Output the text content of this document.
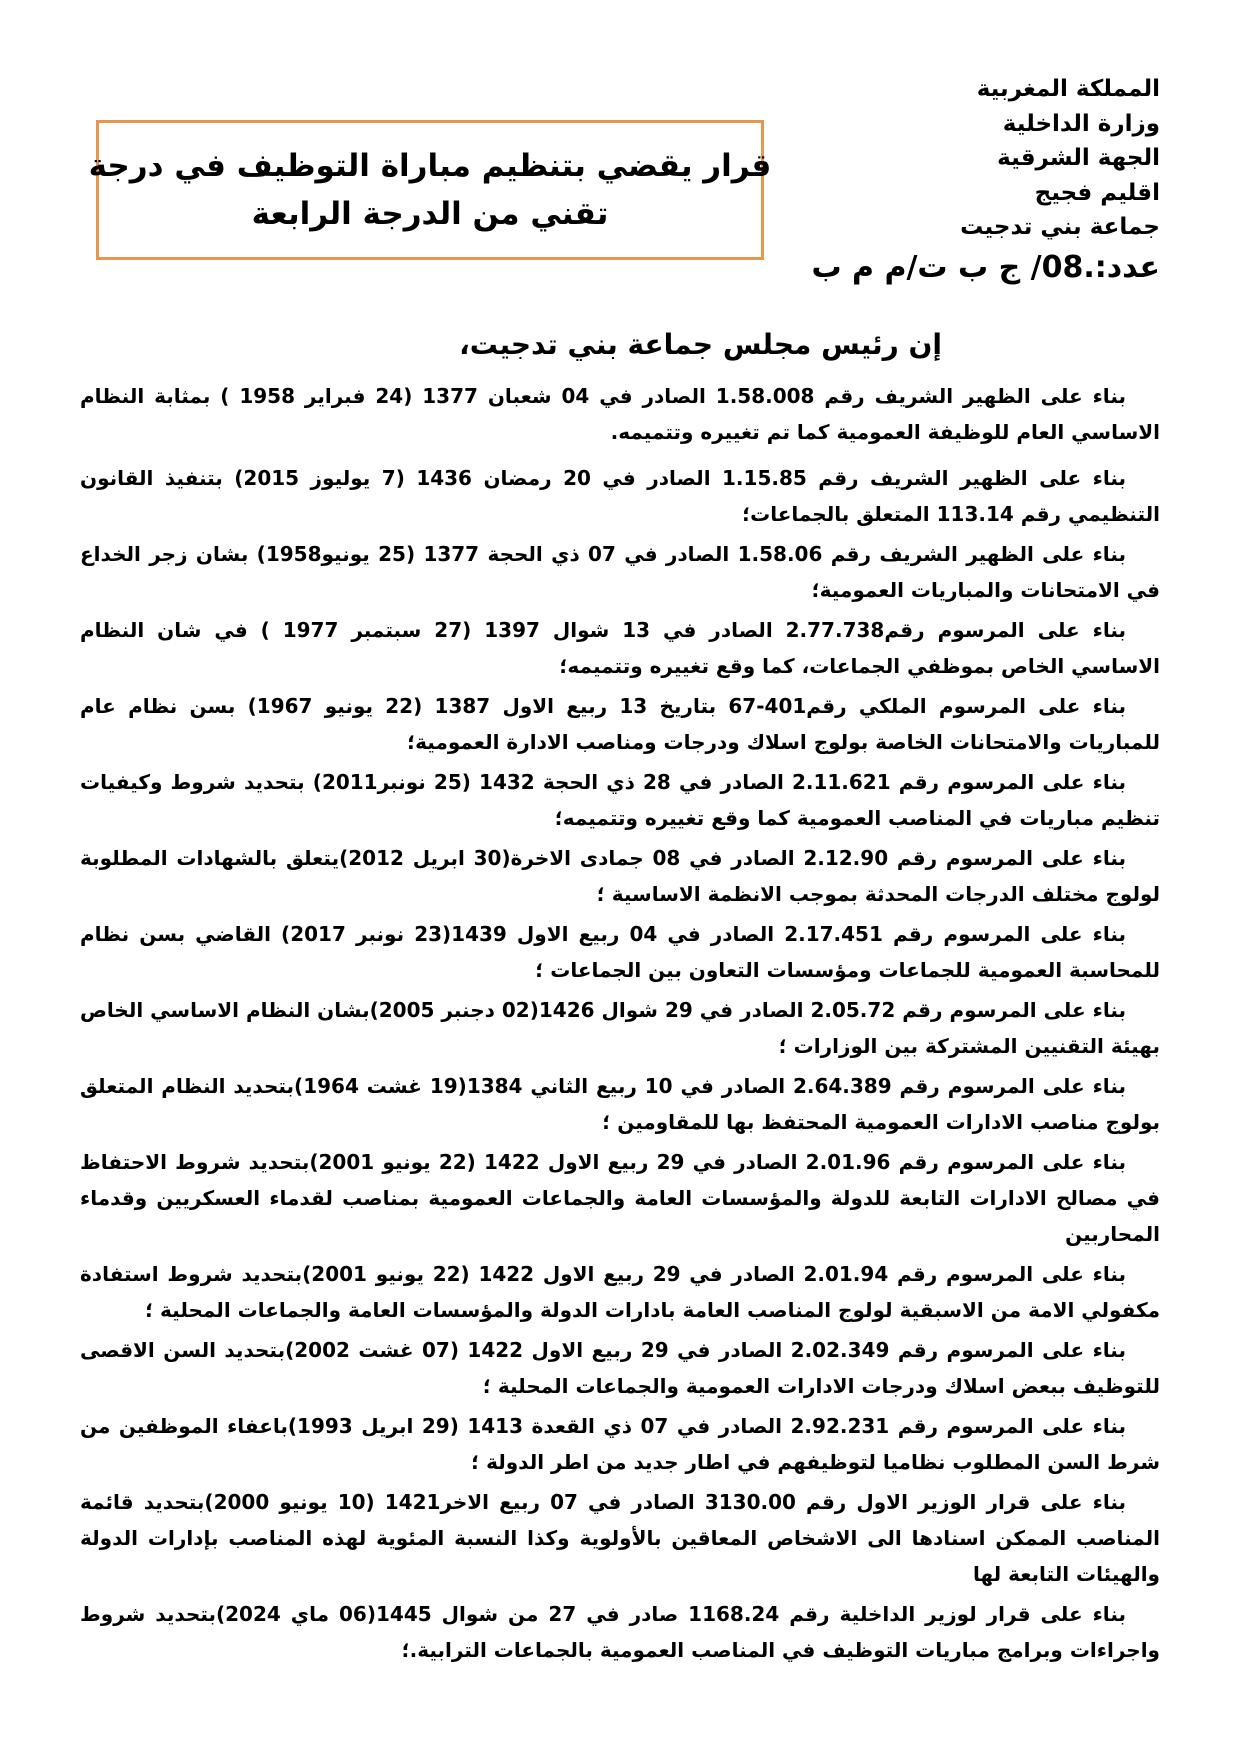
المملكة المغربية
وزارة الداخلية
الجهة الشرقية
اقليم فجيج
جماعة بني تدجيت
عدد:.08/ ج ب ت/م م ب
قرار يقضي بتنظيم مباراة التوظيف في درجة
تقني من الدرجة الرابعة
إن رئيس مجلس جماعة بني تدجيت،

بناء على الظهير الشريف رقم 1.58.008 الصادر في 04 شعبان 1377 (24 فبراير 1958 ) بمثابة النظام الاساسي العام للوظيفة العمومية كما تم تغييره وتتميمه.

بناء على الظهير الشريف رقم 1.15.85 الصادر في 20 رمضان 1436 (7 يوليوز 2015) بتنفيذ القانون التنظيمي رقم 113.14 المتعلق بالجماعات؛

بناء على الظهير الشريف رقم 1.58.06 الصادر في 07 ذي الحجة 1377 (25 يونيو1958) بشان زجر الخداع في الامتحانات والمباريات العمومية؛

بناء على المرسوم رقم2.77.738 الصادر في 13 شوال 1397 (27 سبتمبر 1977 ) في شان النظام الاساسي الخاص بموظفي الجماعات، كما وقع تغييره وتتميمه؛

بناء على المرسوم الملكي رقم401-67 بتاريخ 13 ربيع الاول 1387 (22 يونيو 1967) بسن نظام عام للمباريات والامتحانات الخاصة بولوج اسلاك ودرجات ومناصب الادارة العمومية؛

بناء على المرسوم رقم 2.11.621 الصادر في 28 ذي الحجة 1432 (25 نونبر2011) بتحديد شروط وكيفيات تنظيم مباريات في المناصب العمومية كما وقع تغييره وتتميمه؛

بناء على المرسوم رقم 2.12.90 الصادر في 08 جمادى الاخرة(30 ابريل 2012)يتعلق بالشهادات المطلوبة لولوج مختلف الدرجات المحدثة بموجب الانظمة الاساسية ؛

بناء على المرسوم رقم 2.17.451 الصادر في 04 ربيع الاول 1439(23 نونبر 2017) القاضي بسن نظام للمحاسبة العمومية للجماعات ومؤسسات التعاون بين الجماعات ؛

بناء على المرسوم رقم 2.05.72 الصادر في 29 شوال 1426(02 دجنبر 2005)بشان النظام الاساسي الخاص بهيئة التقنيين المشتركة بين الوزارات ؛

بناء على المرسوم رقم 2.64.389 الصادر في 10 ربيع الثاني 1384(19 غشت 1964)بتحديد النظام المتعلق بولوج مناصب الادارات العمومية المحتفظ بها للمقاومين ؛

بناء على المرسوم رقم 2.01.96 الصادر في 29 ربيع الاول 1422 (22 يونيو 2001)بتحديد شروط الاحتفاظ في مصالح الادارات التابعة للدولة والمؤسسات العامة والجماعات العمومية بمناصب لقدماء العسكريين وقدماء المحاربين

بناء على المرسوم رقم 2.01.94 الصادر في 29 ربيع الاول 1422 (22 يونيو 2001)بتحديد شروط استفادة مكفولي الامة من الاسبقية لولوج المناصب العامة بادارات الدولة والمؤسسات العامة والجماعات المحلية ؛

بناء على المرسوم رقم 2.02.349 الصادر في 29 ربيع الاول 1422 (07 غشت 2002)بتحديد السن الاقصى للتوظيف ببعض اسلاك ودرجات الادارات العمومية والجماعات المحلية ؛

بناء على المرسوم رقم 2.92.231 الصادر في 07 ذي القعدة 1413 (29 ابريل 1993)باعفاء الموظفين من شرط السن المطلوب نظاميا لتوظيفهم في اطار جديد من اطر الدولة ؛

بناء على قرار الوزير الاول رقم 3130.00 الصادر في 07 ربيع الاخر1421 (10 يونيو 2000)بتحديد قائمة المناصب الممكن اسنادها الى الاشخاص المعاقين بالأولوية وكذا النسبة المئوية لهذه المناصب بإدارات الدولة والهيئات التابعة لها

بناء على قرار لوزير الداخلية رقم 1168.24 صادر في 27 من شوال 1445(06 ماي 2024)بتحديد شروط واجراءات وبرامج مباريات التوظيف في المناصب العمومية بالجماعات الترابية.؛
